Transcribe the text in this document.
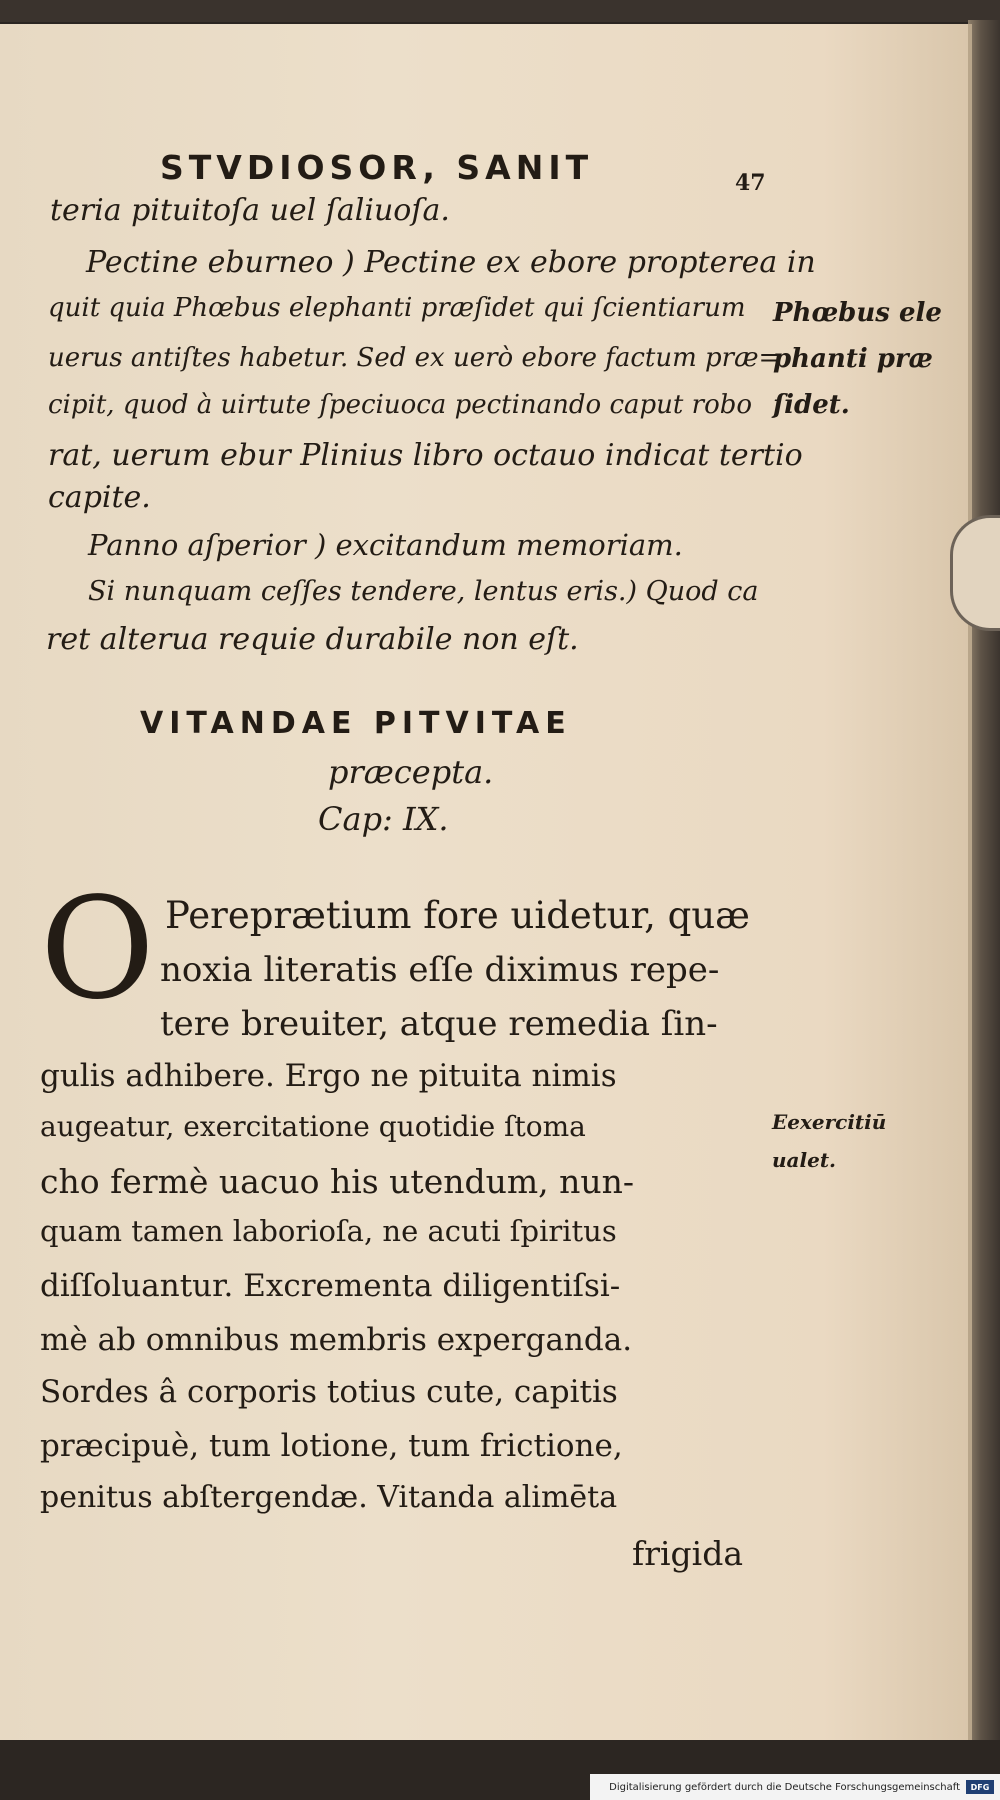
STVDIOSOR, SANIT	47
teria pituitoſa uel ſaliuoſa.
Pectine eburneo ) Pectine ex ebore propterea in
quit quia Phœbus elephanti præſidet qui ſcientiarum
uerus antiſtes habetur. Sed ex uerò ebore factum præ=
cipit, quod à uirtute ſpeciuoca pectinando caput robo
rat, uerum ebur Plinius libro octauo indicat tertio
capite.
Panno aſperior ) excitandum memoriam.
Si nunquam ceſſes tendere, lentus eris.) Quod ca
ret alterua requie durabile non eſt.
VITANDAE PITVITAE
præcepta.
Cap: IX.
O Pereprætium fore uidetur, quæ
noxia literatis eſſe diximus repe-
tere breuiter, atque remedia ſin-
gulis adhibere. Ergo ne pituita nimis
augeatur, exercitatione quotidie ſtoma
cho fermè uacuo his utendum, nun-
quam tamen laborioſa, ne acuti ſpiritus
diſſoluantur. Excrementa diligentiſsi-
mè ab omnibus membris experganda.
Sordes â corporis totius cute, capitis
præcipuè, tum lotione, tum frictione,
penitus abſtergendæ. Vitanda alimēta
frigida
Phœbus ele
phanti præ
ſidet.
Eexercitiū
ualet.
Digitalisierung gefördert durch die Deutsche Forschungsgemeinschaft	DFG
